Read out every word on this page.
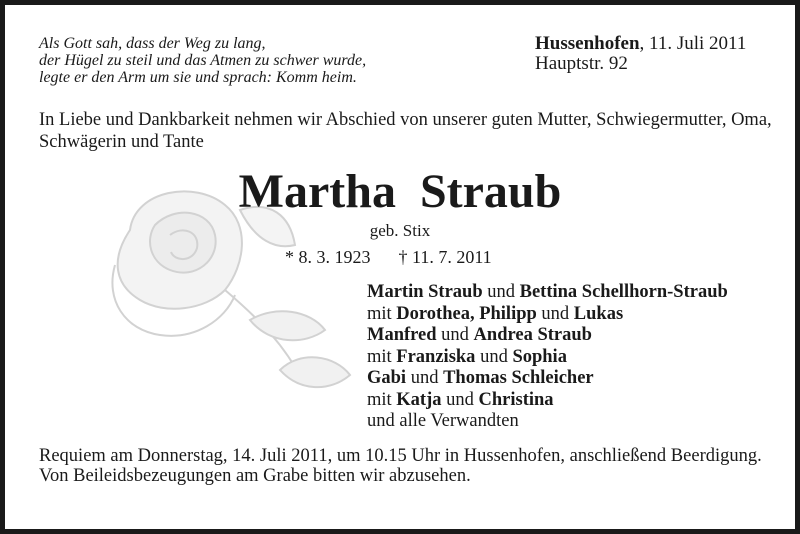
Als Gott sah, dass der Weg zu lang,
der Hügel zu steil und das Atmen zu schwer wurde,
legte er den Arm um sie und sprach: Komm heim.
Hussenhofen, 11. Juli 2011
Hauptstr. 92
In Liebe und Dankbarkeit nehmen wir Abschied von unserer guten Mutter, Schwiegermutter, Oma, Schwägerin und Tante
Martha Straub
geb. Stix
* 8. 3. 1923 † 11. 7. 2011
Martin Straub und Bettina Schellhorn-Straub
mit Dorothea, Philipp und Lukas
Manfred und Andrea Straub
mit Franziska und Sophia
Gabi und Thomas Schleicher
mit Katja und Christina
und alle Verwandten
Requiem am Donnerstag, 14. Juli 2011, um 10.15 Uhr in Hussenhofen, anschließend Beerdigung.
Von Beileidsbezeugungen am Grabe bitten wir abzusehen.
